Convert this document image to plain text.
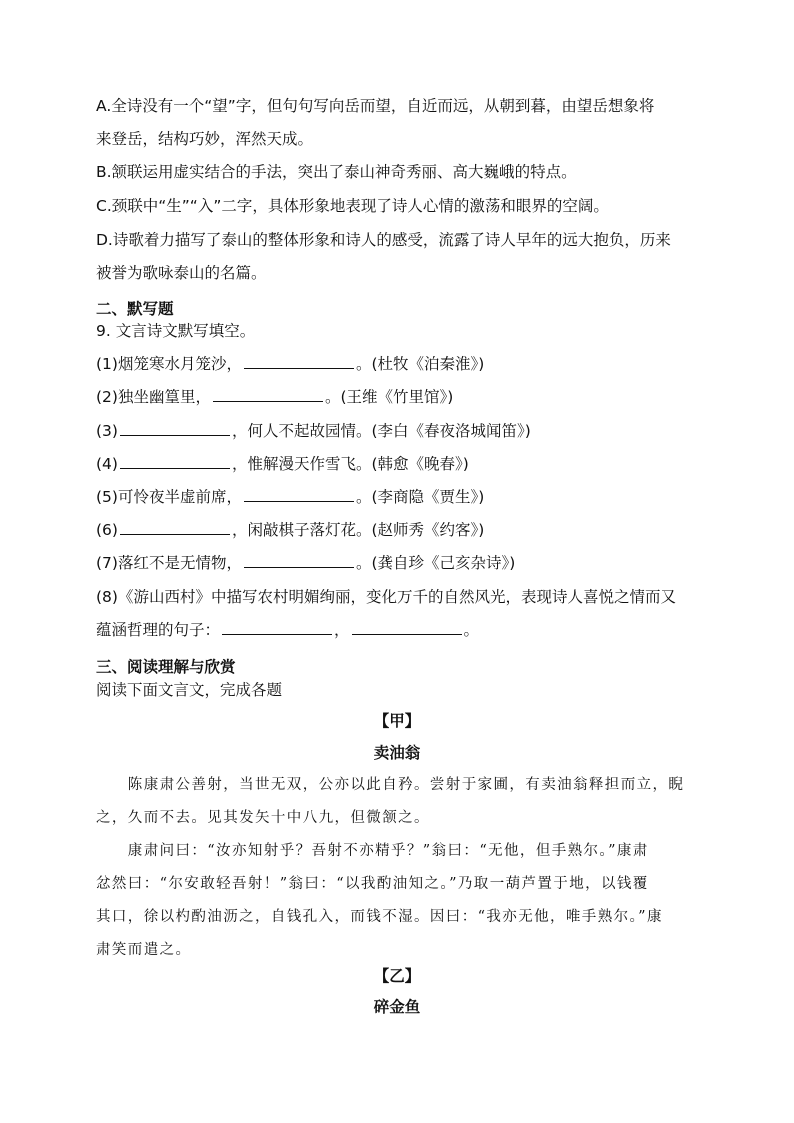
A.全诗没有一个“望”字，但句句写向岳而望，自近而远，从朝到暮，由望岳想象将
来登岳，结构巧妙，浑然天成。
B.颔联运用虚实结合的手法，突出了泰山神奇秀丽、高大巍峨的特点。
C.颈联中“生”“入”二字，具体形象地表现了诗人心情的激荡和眼界的空阔。
D.诗歌着力描写了泰山的整体形象和诗人的感受，流露了诗人早年的远大抱负，历来
被誉为歌咏泰山的名篇。
二、默写题
9. 文言诗文默写填空。
(1)烟笼寒水月笼沙，	。(杜牧《泊秦淮》)
(2)独坐幽篁里，	。(王维《竹里馆》)
(3)	，何人不起故园情。(李白《春夜洛城闻笛》)
(4)	，惟解漫天作雪飞。(韩愈《晚春》)
(5)可怜夜半虚前席，	。(李商隐《贾生》)
(6)	，闲敲棋子落灯花。(赵师秀《约客》)
(7)落红不是无情物，	。(龚自珍《己亥杂诗》)
(8)《游山西村》中描写农村明媚绚丽，变化万千的自然风光，表现诗人喜悦之情而又
蕴涵哲理的句子：	，	。
三、阅读理解与欣赏
阅读下面文言文，完成各题
【甲】
卖油翁
　　陈康肃公善射，当世无双，公亦以此自矜。尝射于家圃，有卖油翁释担而立，睨
之，久而不去。见其发矢十中八九，但微颔之。
　　康肃问曰：“汝亦知射乎？吾射不亦精乎？”翁曰：“无他，但手熟尔。”康肃
忿然曰：“尔安敢轻吾射！”翁曰：“以我酌油知之。”乃取一葫芦置于地，以钱覆
其口，徐以杓酌油沥之，自钱孔入，而钱不湿。因曰：“我亦无他，唯手熟尔。”康
肃笑而遣之。
【乙】
碎金鱼
